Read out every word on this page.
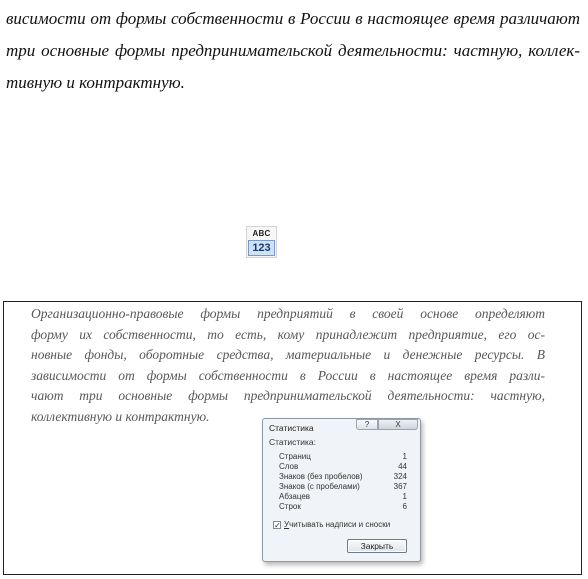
висимости от формы собственности в России в настоящее время различают
три основные формы предпринимательской деятельности: частную, коллек-
тивную и контрактную.
ABC
123
Организационно-правовые формы предприятий в своей основе определяют
форму их собственности, то есть, кому принадлежит предприятие, его ос-
новные фонды, оборотные средства, материальные и денежные ресурсы. В
зависимости от формы собственности в России в настоящее время разли-
чают три основные формы предпринимательской деятельности: частную,
коллективную и контрактную.
Статистика	?	X
Статистика:
Страниц	1
Слов	44
Знаков (без пробелов)	324
Знаков (с пробелами)	367
Абзацев	1
Строк	6
✓ У читывать надписи и сноски
Закрыть
